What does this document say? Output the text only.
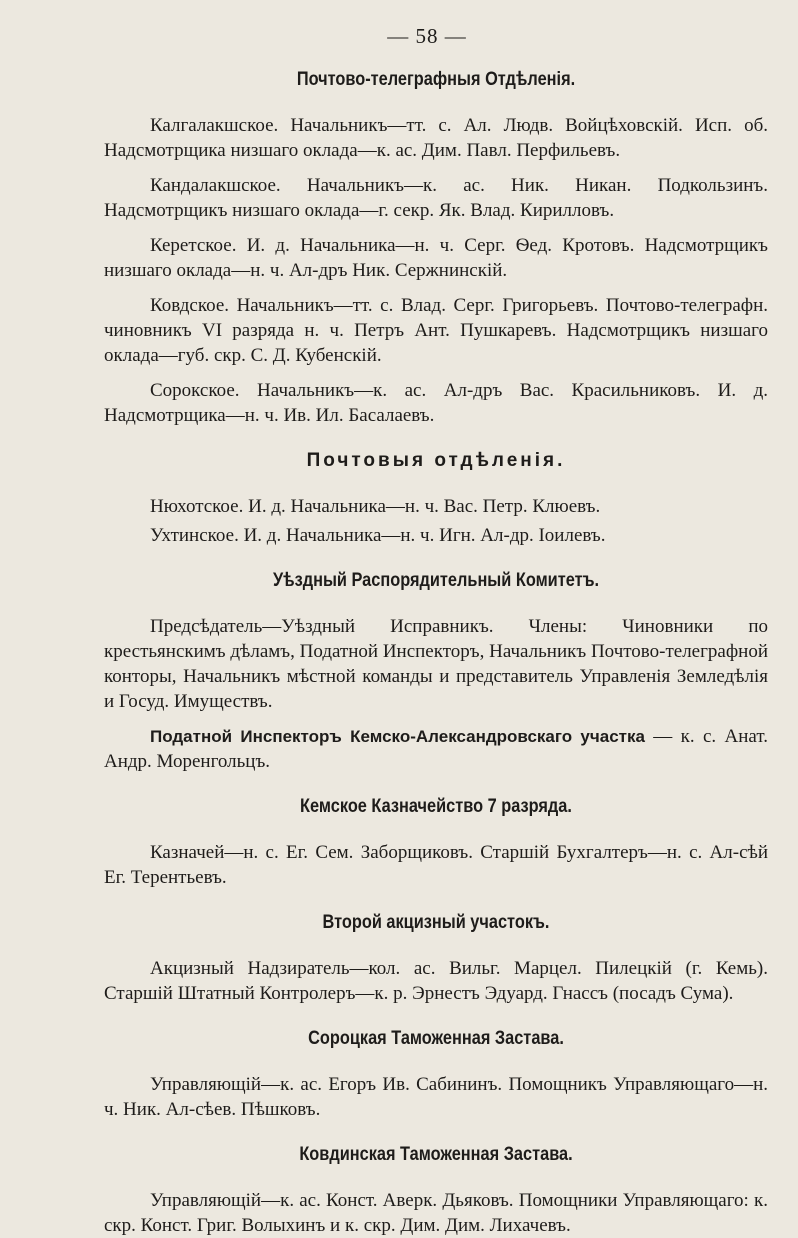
— 58 —
Почтово-телеграфныя Отдѣленія.

Калгалакшское. Начальникъ—тт. с. Ал. Людв. Войцѣховскій. Исп. об. Надсмотрщика низшаго оклада—к. ас. Дим. Павл. Перфильевъ.

Кандалакшское. Начальникъ—к. ас. Ник. Никан. Подкользинъ. Надсмотрщикъ низшаго оклада—г. секр. Як. Влад. Кирилловъ.

Керетское. И. д. Начальника—н. ч. Серг. Ѳед. Кротовъ. Надсмотрщикъ низшаго оклада—н. ч. Ал-дръ Ник. Сержнинскій.

Ковдское. Начальникъ—тт. с. Влад. Серг. Григорьевъ. Почтово-телеграфн. чиновникъ VI разряда н. ч. Петръ Ант. Пушкаревъ. Надсмотрщикъ низшаго оклада—губ. скр. С. Д. Кубенскій.

Сорокское. Начальникъ—к. ас. Ал-дръ Вас. Красильниковъ. И. д. Надсмотрщика—н. ч. Ив. Ил. Басалаевъ.

Почтовыя отдѣленія.

Нюхотское. И. д. Начальника—н. ч. Вас. Петр. Клюевъ.

Ухтинское. И. д. Начальника—н. ч. Игн. Ал-др. Іоилевъ.

Уѣздный Распорядительный Комитетъ.

Предсѣдатель—Уѣздный Исправникъ. Члены: Чиновники по крестьянскимъ дѣламъ, Податной Инспекторъ, Начальникъ Почтово-телеграфной конторы, Начальникъ мѣстной команды и представитель Управленія Земледѣлія и Госуд. Имуществъ.

Податной Инспекторъ Кемско-Александровскаго участка — к. с. Анат. Андр. Моренгольцъ.

Кемское Казначейство 7 разряда.

Казначей—н. с. Ег. Сем. Заборщиковъ. Старшій Бухгалтеръ—н. с. Ал-сѣй Ег. Терентьевъ.

Второй акцизный участокъ.

Акцизный Надзиратель—кол. ас. Вильг. Марцел. Пилецкій (г. Кемь). Старшій Штатный Контролеръ—к. р. Эрнестъ Эдуард. Гнассъ (посадъ Сума).

Сороцкая Таможенная Застава.

Управляющій—к. ас. Егоръ Ив. Сабининъ. Помощникъ Управляющаго—н. ч. Ник. Ал-сѣев. Пѣшковъ.

Ковдинская Таможенная Застава.

Управляющій—к. ас. Конст. Аверк. Дьяковъ. Помощники Управляющаго: к. скр. Конст. Григ. Волыхинъ и к. скр. Дим. Дим. Лихачевъ.
